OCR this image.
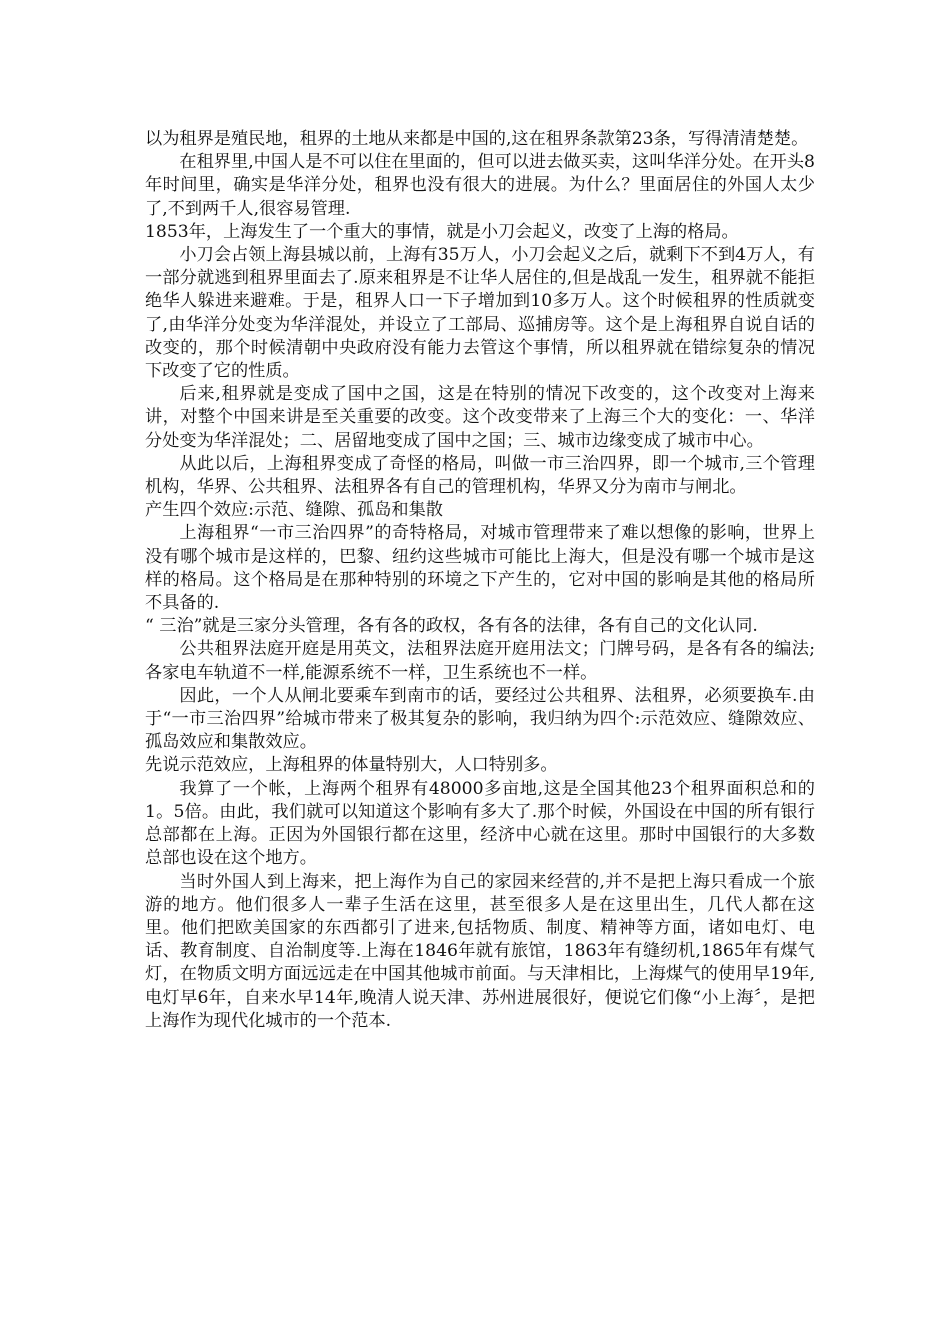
以为租界是殖民地，租界的土地从来都是中国的,这在租界条款第23条，写得清清楚楚。

在租界里,中国人是不可以住在里面的，但可以进去做买卖，这叫华洋分处。在开头8年时间里，确实是华洋分处，租界也没有很大的进展。为什么？里面居住的外国人太少了,不到两千人,很容易管理.

1853年，上海发生了一个重大的事情，就是小刀会起义，改变了上海的格局。

小刀会占领上海县城以前，上海有35万人，小刀会起义之后，就剩下不到4万人，有一部分就逃到租界里面去了.原来租界是不让华人居住的,但是战乱一发生，租界就不能拒绝华人躲进来避难。于是，租界人口一下子增加到10多万人。这个时候租界的性质就变了,由华洋分处变为华洋混处，并设立了工部局、巡捕房等。这个是上海租界自说自话的改变的，那个时候清朝中央政府没有能力去管这个事情，所以租界就在错综复杂的情况下改变了它的性质。

后来,租界就是变成了国中之国，这是在特别的情况下改变的，这个改变对上海来讲，对整个中国来讲是至关重要的改变。这个改变带来了上海三个大的变化：一、华洋分处变为华洋混处；二、居留地变成了国中之国；三、城市边缘变成了城市中心。

从此以后，上海租界变成了奇怪的格局，叫做一市三治四界，即一个城市,三个管理机构，华界、公共租界、法租界各有自己的管理机构，华界又分为南市与闸北。

产生四个效应:示范、缝隙、孤岛和集散

上海租界“一市三治四界”的奇特格局，对城市管理带来了难以想像的影响，世界上没有哪个城市是这样的，巴黎、纽约这些城市可能比上海大，但是没有哪一个城市是这样的格局。这个格局是在那种特别的环境之下产生的，它对中国的影响是其他的格局所不具备的.

“ 三治”就是三家分头管理，各有各的政权，各有各的法律，各有自己的文化认同.

公共租界法庭开庭是用英文，法租界法庭开庭用法文；门牌号码，是各有各的编法;各家电车轨道不一样,能源系统不一样，卫生系统也不一样。

因此，一个人从闸北要乘车到南市的话，要经过公共租界、法租界，必须要换车.由于“一市三治四界”给城市带来了极其复杂的影响，我归纳为四个:示范效应、缝隙效应、孤岛效应和集散效应。

先说示范效应，上海租界的体量特别大，人口特别多。

我算了一个帐，上海两个租界有48000多亩地,这是全国其他23个租界面积总和的1。5倍。由此，我们就可以知道这个影响有多大了.那个时候，外国设在中国的所有银行总部都在上海。正因为外国银行都在这里，经济中心就在这里。那时中国银行的大多数总部也设在这个地方。

当时外国人到上海来，把上海作为自己的家园来经营的,并不是把上海只看成一个旅游的地方。他们很多人一辈子生活在这里，甚至很多人是在这里出生，几代人都在这里。他们把欧美国家的东西都引了进来,包括物质、制度、精神等方面，诸如电灯、电话、教育制度、自治制度等.上海在1846年就有旅馆，1863年有缝纫机,1865年有煤气灯，在物质文明方面远远走在中国其他城市前面。与天津相比，上海煤气的使用早19年,电灯早6年，自来水早14年,晚清人说天津、苏州进展很好，便说它们像“小上海〞，是把上海作为现代化城市的一个范本.
